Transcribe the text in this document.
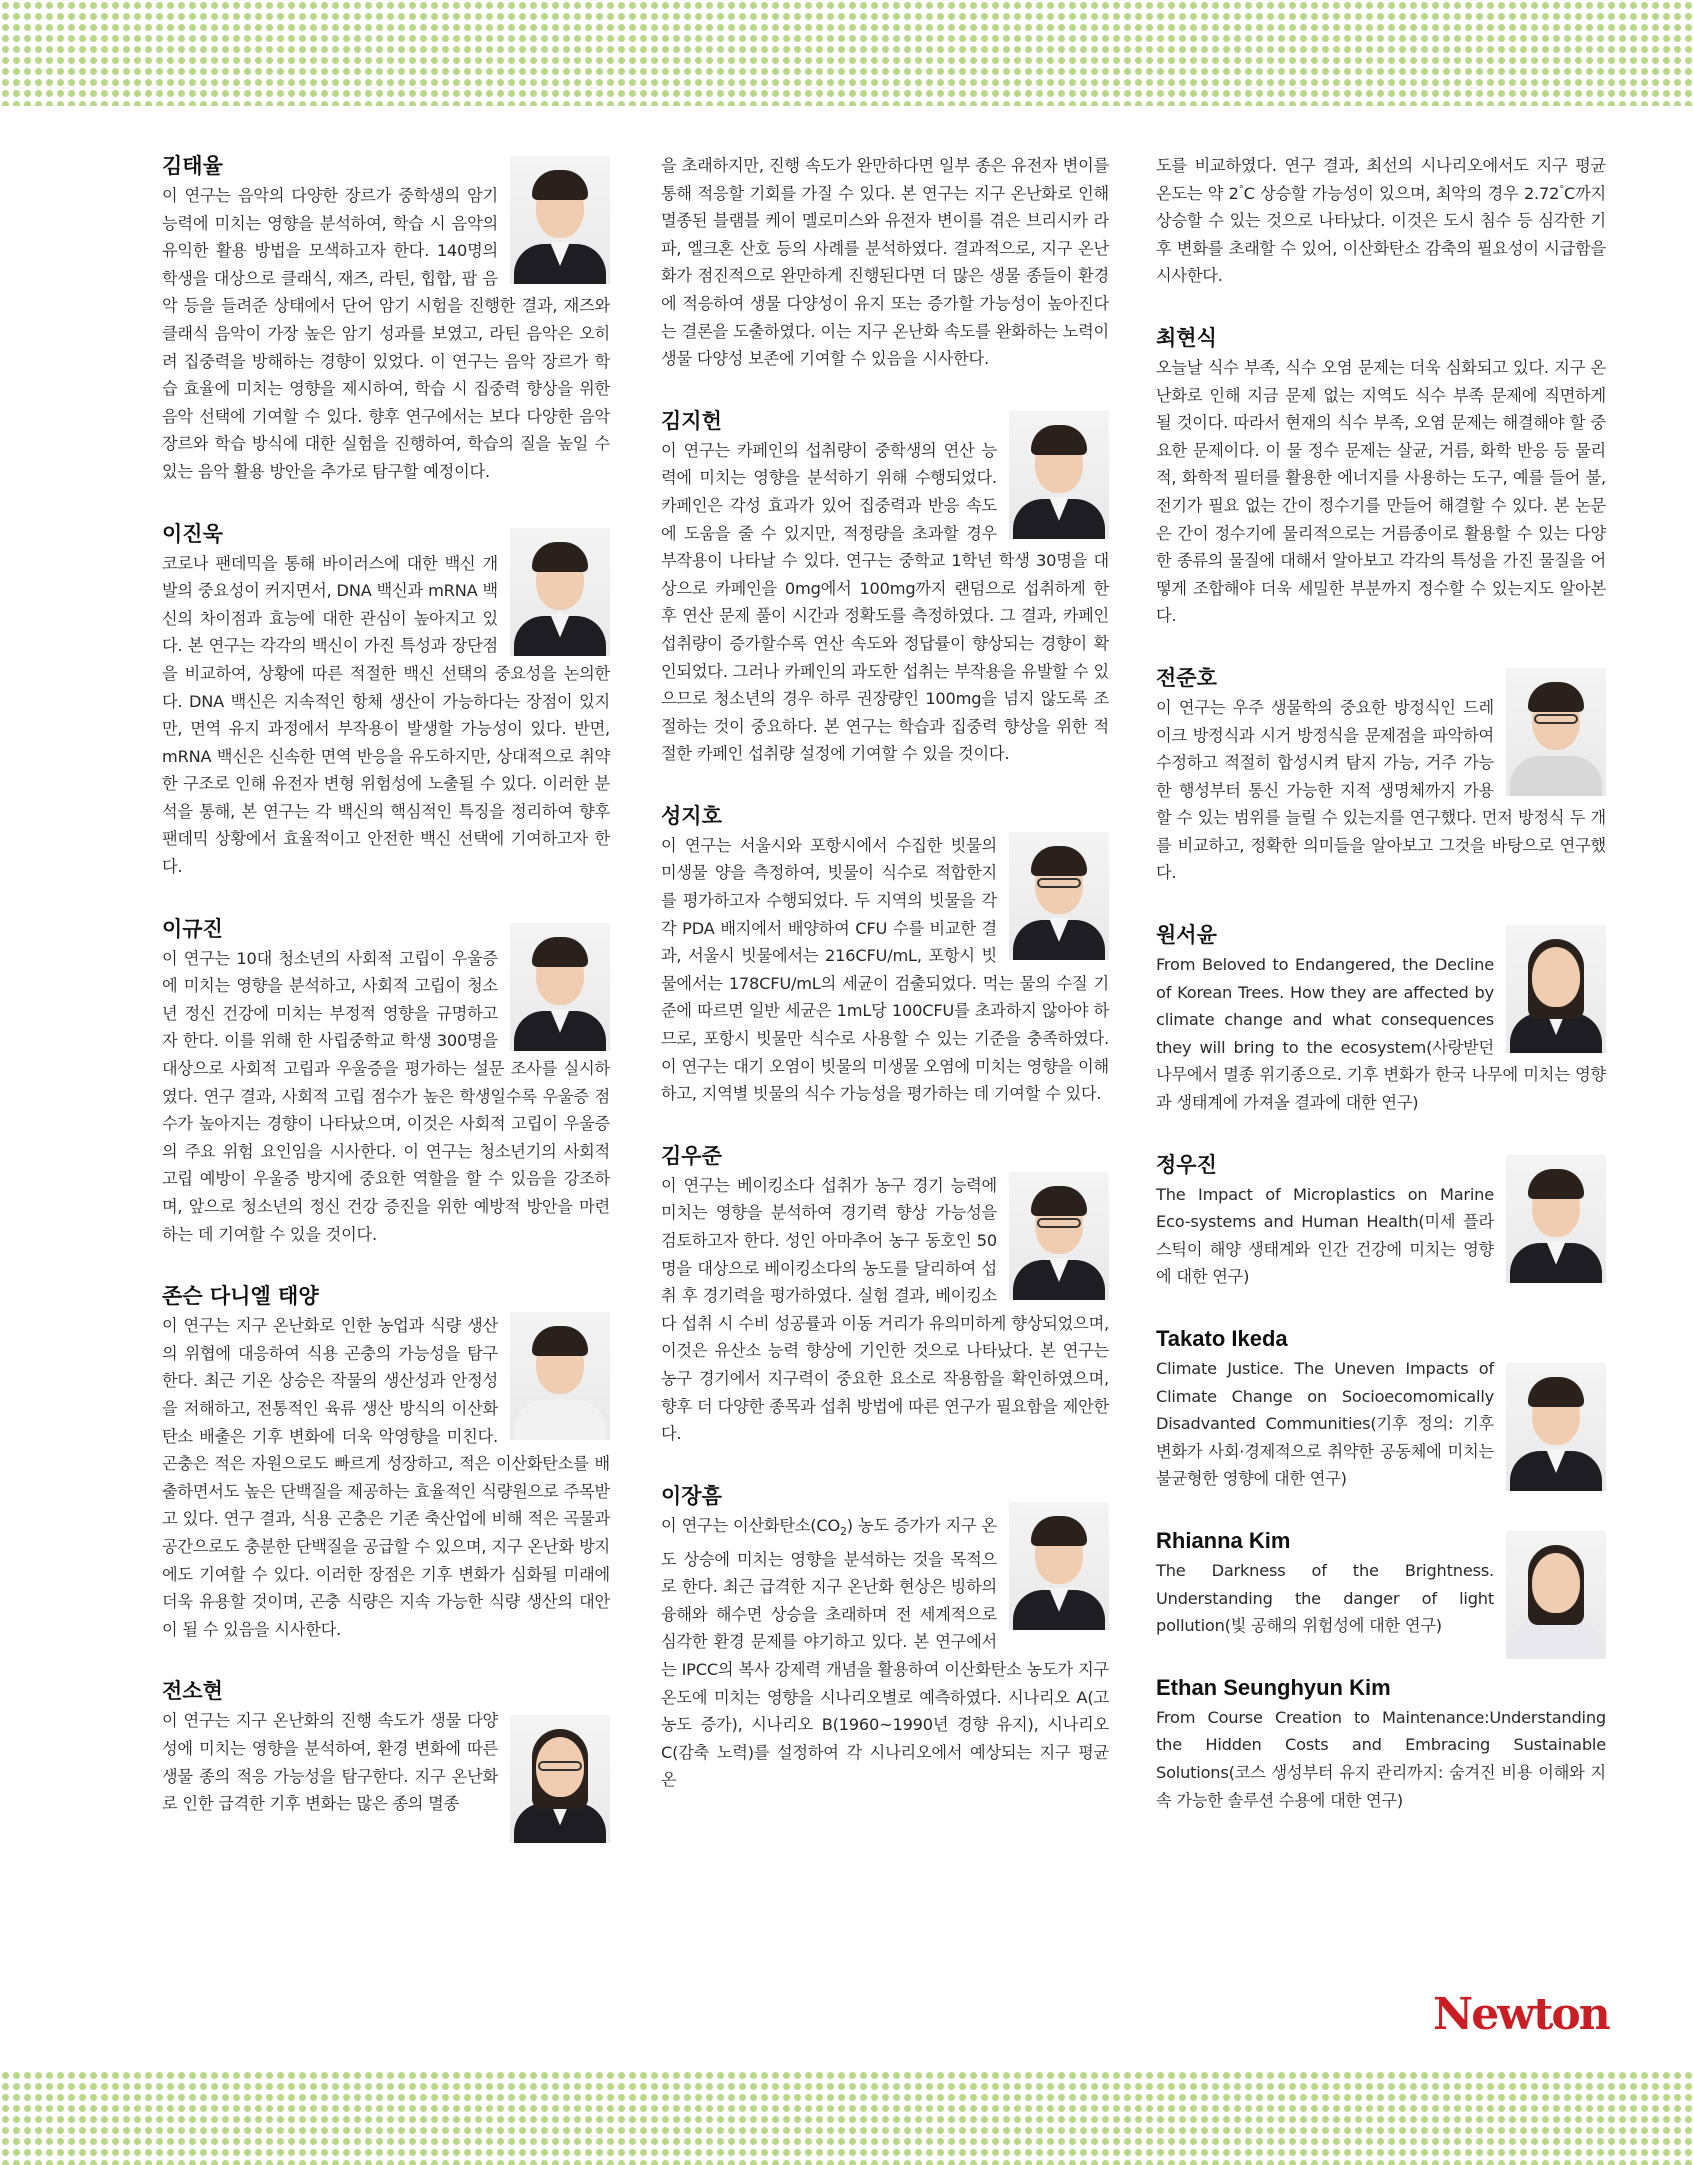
김태율

이 연구는 음악의 다양한 장르가 중학생의 암기 능력에 미치는 영향을 분석하여, 학습 시 음악의 유익한 활용 방법을 모색하고자 한다. 140명의 학생을 대상으로 클래식, 재즈, 라틴, 힙합, 팝 음악 등을 들려준 상태에서 단어 암기 시험을 진행한 결과, 재즈와 클래식 음악이 가장 높은 암기 성과를 보였고, 라틴 음악은 오히려 집중력을 방해하는 경향이 있었다. 이 연구는 음악 장르가 학습 효율에 미치는 영향을 제시하여, 학습 시 집중력 향상을 위한 음악 선택에 기여할 수 있다. 향후 연구에서는 보다 다양한 음악 장르와 학습 방식에 대한 실험을 진행하여, 학습의 질을 높일 수 있는 음악 활용 방안을 추가로 탐구할 예정이다.

이진욱

코로나 팬데믹을 통해 바이러스에 대한 백신 개발의 중요성이 커지면서, DNA 백신과 mRNA 백신의 차이점과 효능에 대한 관심이 높아지고 있다. 본 연구는 각각의 백신이 가진 특성과 장단점을 비교하여, 상황에 따른 적절한 백신 선택의 중요성을 논의한다. DNA 백신은 지속적인 항체 생산이 가능하다는 장점이 있지만, 면역 유지 과정에서 부작용이 발생할 가능성이 있다. 반면, mRNA 백신은 신속한 면역 반응을 유도하지만, 상대적으로 취약한 구조로 인해 유전자 변형 위험성에 노출될 수 있다. 이러한 분석을 통해, 본 연구는 각 백신의 핵심적인 특징을 정리하여 향후 팬데믹 상황에서 효율적이고 안전한 백신 선택에 기여하고자 한다.

이규진

이 연구는 10대 청소년의 사회적 고립이 우울증에 미치는 영향을 분석하고, 사회적 고립이 청소년 정신 건강에 미치는 부정적 영향을 규명하고자 한다. 이를 위해 한 사립중학교 학생 300명을 대상으로 사회적 고립과 우울증을 평가하는 설문 조사를 실시하였다. 연구 결과, 사회적 고립 점수가 높은 학생일수록 우울증 점수가 높아지는 경향이 나타났으며, 이것은 사회적 고립이 우울증의 주요 위험 요인임을 시사한다. 이 연구는 청소년기의 사회적 고립 예방이 우울증 방지에 중요한 역할을 할 수 있음을 강조하며, 앞으로 청소년의 정신 건강 증진을 위한 예방적 방안을 마련하는 데 기여할 수 있을 것이다.

존슨 다니엘 태양

이 연구는 지구 온난화로 인한 농업과 식량 생산의 위협에 대응하여 식용 곤충의 가능성을 탐구한다. 최근 기온 상승은 작물의 생산성과 안정성을 저해하고, 전통적인 육류 생산 방식의 이산화탄소 배출은 기후 변화에 더욱 악영향을 미친다. 곤충은 적은 자원으로도 빠르게 성장하고, 적은 이산화탄소를 배출하면서도 높은 단백질을 제공하는 효율적인 식량원으로 주목받고 있다. 연구 결과, 식용 곤충은 기존 축산업에 비해 적은 곡물과 공간으로도 충분한 단백질을 공급할 수 있으며, 지구 온난화 방지에도 기여할 수 있다. 이러한 장점은 기후 변화가 심화될 미래에 더욱 유용할 것이며, 곤충 식량은 지속 가능한 식량 생산의 대안이 될 수 있음을 시사한다.

전소현

이 연구는 지구 온난화의 진행 속도가 생물 다양성에 미치는 영향을 분석하여, 환경 변화에 따른 생물 종의 적응 가능성을 탐구한다. 지구 온난화로 인한 급격한 기후 변화는 많은 종의 멸종

을 초래하지만, 진행 속도가 완만하다면 일부 종은 유전자 변이를 통해 적응할 기회를 가질 수 있다. 본 연구는 지구 온난화로 인해 멸종된 블램블 케이 멜로미스와 유전자 변이를 겪은 브리시카 라파, 엘크혼 산호 등의 사례를 분석하였다. 결과적으로, 지구 온난화가 점진적으로 완만하게 진행된다면 더 많은 생물 종들이 환경에 적응하여 생물 다양성이 유지 또는 증가할 가능성이 높아진다는 결론을 도출하였다. 이는 지구 온난화 속도를 완화하는 노력이 생물 다양성 보존에 기여할 수 있음을 시사한다.

김지헌

이 연구는 카페인의 섭취량이 중학생의 연산 능력에 미치는 영향을 분석하기 위해 수행되었다. 카페인은 각성 효과가 있어 집중력과 반응 속도에 도움을 줄 수 있지만, 적정량을 초과할 경우 부작용이 나타날 수 있다. 연구는 중학교 1학년 학생 30명을 대상으로 카페인을 0mg에서 100mg까지 랜덤으로 섭취하게 한 후 연산 문제 풀이 시간과 정확도를 측정하였다. 그 결과, 카페인 섭취량이 증가할수록 연산 속도와 정답률이 향상되는 경향이 확인되었다. 그러나 카페인의 과도한 섭취는 부작용을 유발할 수 있으므로 청소년의 경우 하루 권장량인 100mg을 넘지 않도록 조절하는 것이 중요하다. 본 연구는 학습과 집중력 향상을 위한 적절한 카페인 섭취량 설정에 기여할 수 있을 것이다.

성지호

이 연구는 서울시와 포항시에서 수집한 빗물의 미생물 양을 측정하여, 빗물이 식수로 적합한지를 평가하고자 수행되었다. 두 지역의 빗물을 각각 PDA 배지에서 배양하여 CFU 수를 비교한 결과, 서울시 빗물에서는 216CFU/mL, 포항시 빗물에서는 178CFU/mL의 세균이 검출되었다. 먹는 물의 수질 기준에 따르면 일반 세균은 1mL당 100CFU를 초과하지 않아야 하므로, 포항시 빗물만 식수로 사용할 수 있는 기준을 충족하였다. 이 연구는 대기 오염이 빗물의 미생물 오염에 미치는 영향을 이해하고, 지역별 빗물의 식수 가능성을 평가하는 데 기여할 수 있다.

김우준

이 연구는 베이킹소다 섭취가 농구 경기 능력에 미치는 영향을 분석하여 경기력 향상 가능성을 검토하고자 한다. 성인 아마추어 농구 동호인 50명을 대상으로 베이킹소다의 농도를 달리하여 섭취 후 경기력을 평가하였다. 실험 결과, 베이킹소다 섭취 시 수비 성공률과 이동 거리가 유의미하게 향상되었으며, 이것은 유산소 능력 향상에 기인한 것으로 나타났다. 본 연구는 농구 경기에서 지구력이 중요한 요소로 작용함을 확인하였으며, 향후 더 다양한 종목과 섭취 방법에 따른 연구가 필요함을 제안한다.

이장흠

이 연구는 이산화탄소$(CO_2)$ 농도 증가가 지구 온도 상승에 미치는 영향을 분석하는 것을 목적으로 한다. 최근 급격한 지구 온난화 현상은 빙하의 융해와 해수면 상승을 초래하며 전 세계적으로 심각한 환경 문제를 야기하고 있다. 본 연구에서는 IPCC의 복사 강제력 개념을 활용하여 이산화탄소 농도가 지구 온도에 미치는 영향을 시나리오별로 예측하였다. 시나리오 A(고농도 증가), 시나리오 B(1960~1990년 경향 유지), 시나리오 C(감축 노력)를 설정하여 각 시나리오에서 예상되는 지구 평균 온

도를 비교하였다. 연구 결과, 최선의 시나리오에서도 지구 평균 온도는 약 2°C 상승할 가능성이 있으며, 최악의 경우 2.72°C까지 상승할 수 있는 것으로 나타났다. 이것은 도시 침수 등 심각한 기후 변화를 초래할 수 있어, 이산화탄소 감축의 필요성이 시급함을 시사한다.

최현식

오늘날 식수 부족, 식수 오염 문제는 더욱 심화되고 있다. 지구 온난화로 인해 지금 문제 없는 지역도 식수 부족 문제에 직면하게 될 것이다. 따라서 현재의 식수 부족, 오염 문제는 해결해야 할 중요한 문제이다. 이 물 정수 문제는 살균, 거름, 화학 반응 등 물리적, 화학적 필터를 활용한 에너지를 사용하는 도구, 예를 들어 불, 전기가 필요 없는 간이 정수기를 만들어 해결할 수 있다. 본 논문은 간이 정수기에 물리적으로는 거름종이로 활용할 수 있는 다양한 종류의 물질에 대해서 알아보고 각각의 특성을 가진 물질을 어떻게 조합해야 더욱 세밀한 부분까지 정수할 수 있는지도 알아본다.

전준호

이 연구는 우주 생물학의 중요한 방정식인 드레이크 방정식과 시거 방정식을 문제점을 파악하여 수정하고 적절히 합성시켜 탐지 가능, 거주 가능한 행성부터 통신 가능한 지적 생명체까지 가용할 수 있는 범위를 늘릴 수 있는지를 연구했다. 먼저 방정식 두 개를 비교하고, 정확한 의미들을 알아보고 그것을 바탕으로 연구했다.

원서윤

From Beloved to Endangered, the Decline of Korean Trees. How they are affected by climate change and what consequences they will bring to the ecosystem(사랑받던 나무에서 멸종 위기종으로. 기후 변화가 한국 나무에 미치는 영향과 생태계에 가져올 결과에 대한 연구)

정우진

The Impact of Microplastics on Marine Eco-systems and Human Health(미세 플라스틱이 해양 생태계와 인간 건강에 미치는 영향에 대한 연구)

Takato Ikeda

Climate Justice. The Uneven Impacts of Climate Change on Socioecomomically Disadvanted Communities(기후 정의: 기후 변화가 사회·경제적으로 취약한 공동체에 미치는 불균형한 영향에 대한 연구)

Rhianna Kim

The Darkness of the Brightness. Understanding the danger of light pollution(빛 공해의 위험성에 대한 연구)

Ethan Seunghyun Kim

From Course Creation to Maintenance:Understanding the Hidden Costs and Embracing Sustainable Solutions(코스 생성부터 유지 관리까지: 숨겨진 비용 이해와 지속 가능한 솔루션 수용에 대한 연구)

Newton
